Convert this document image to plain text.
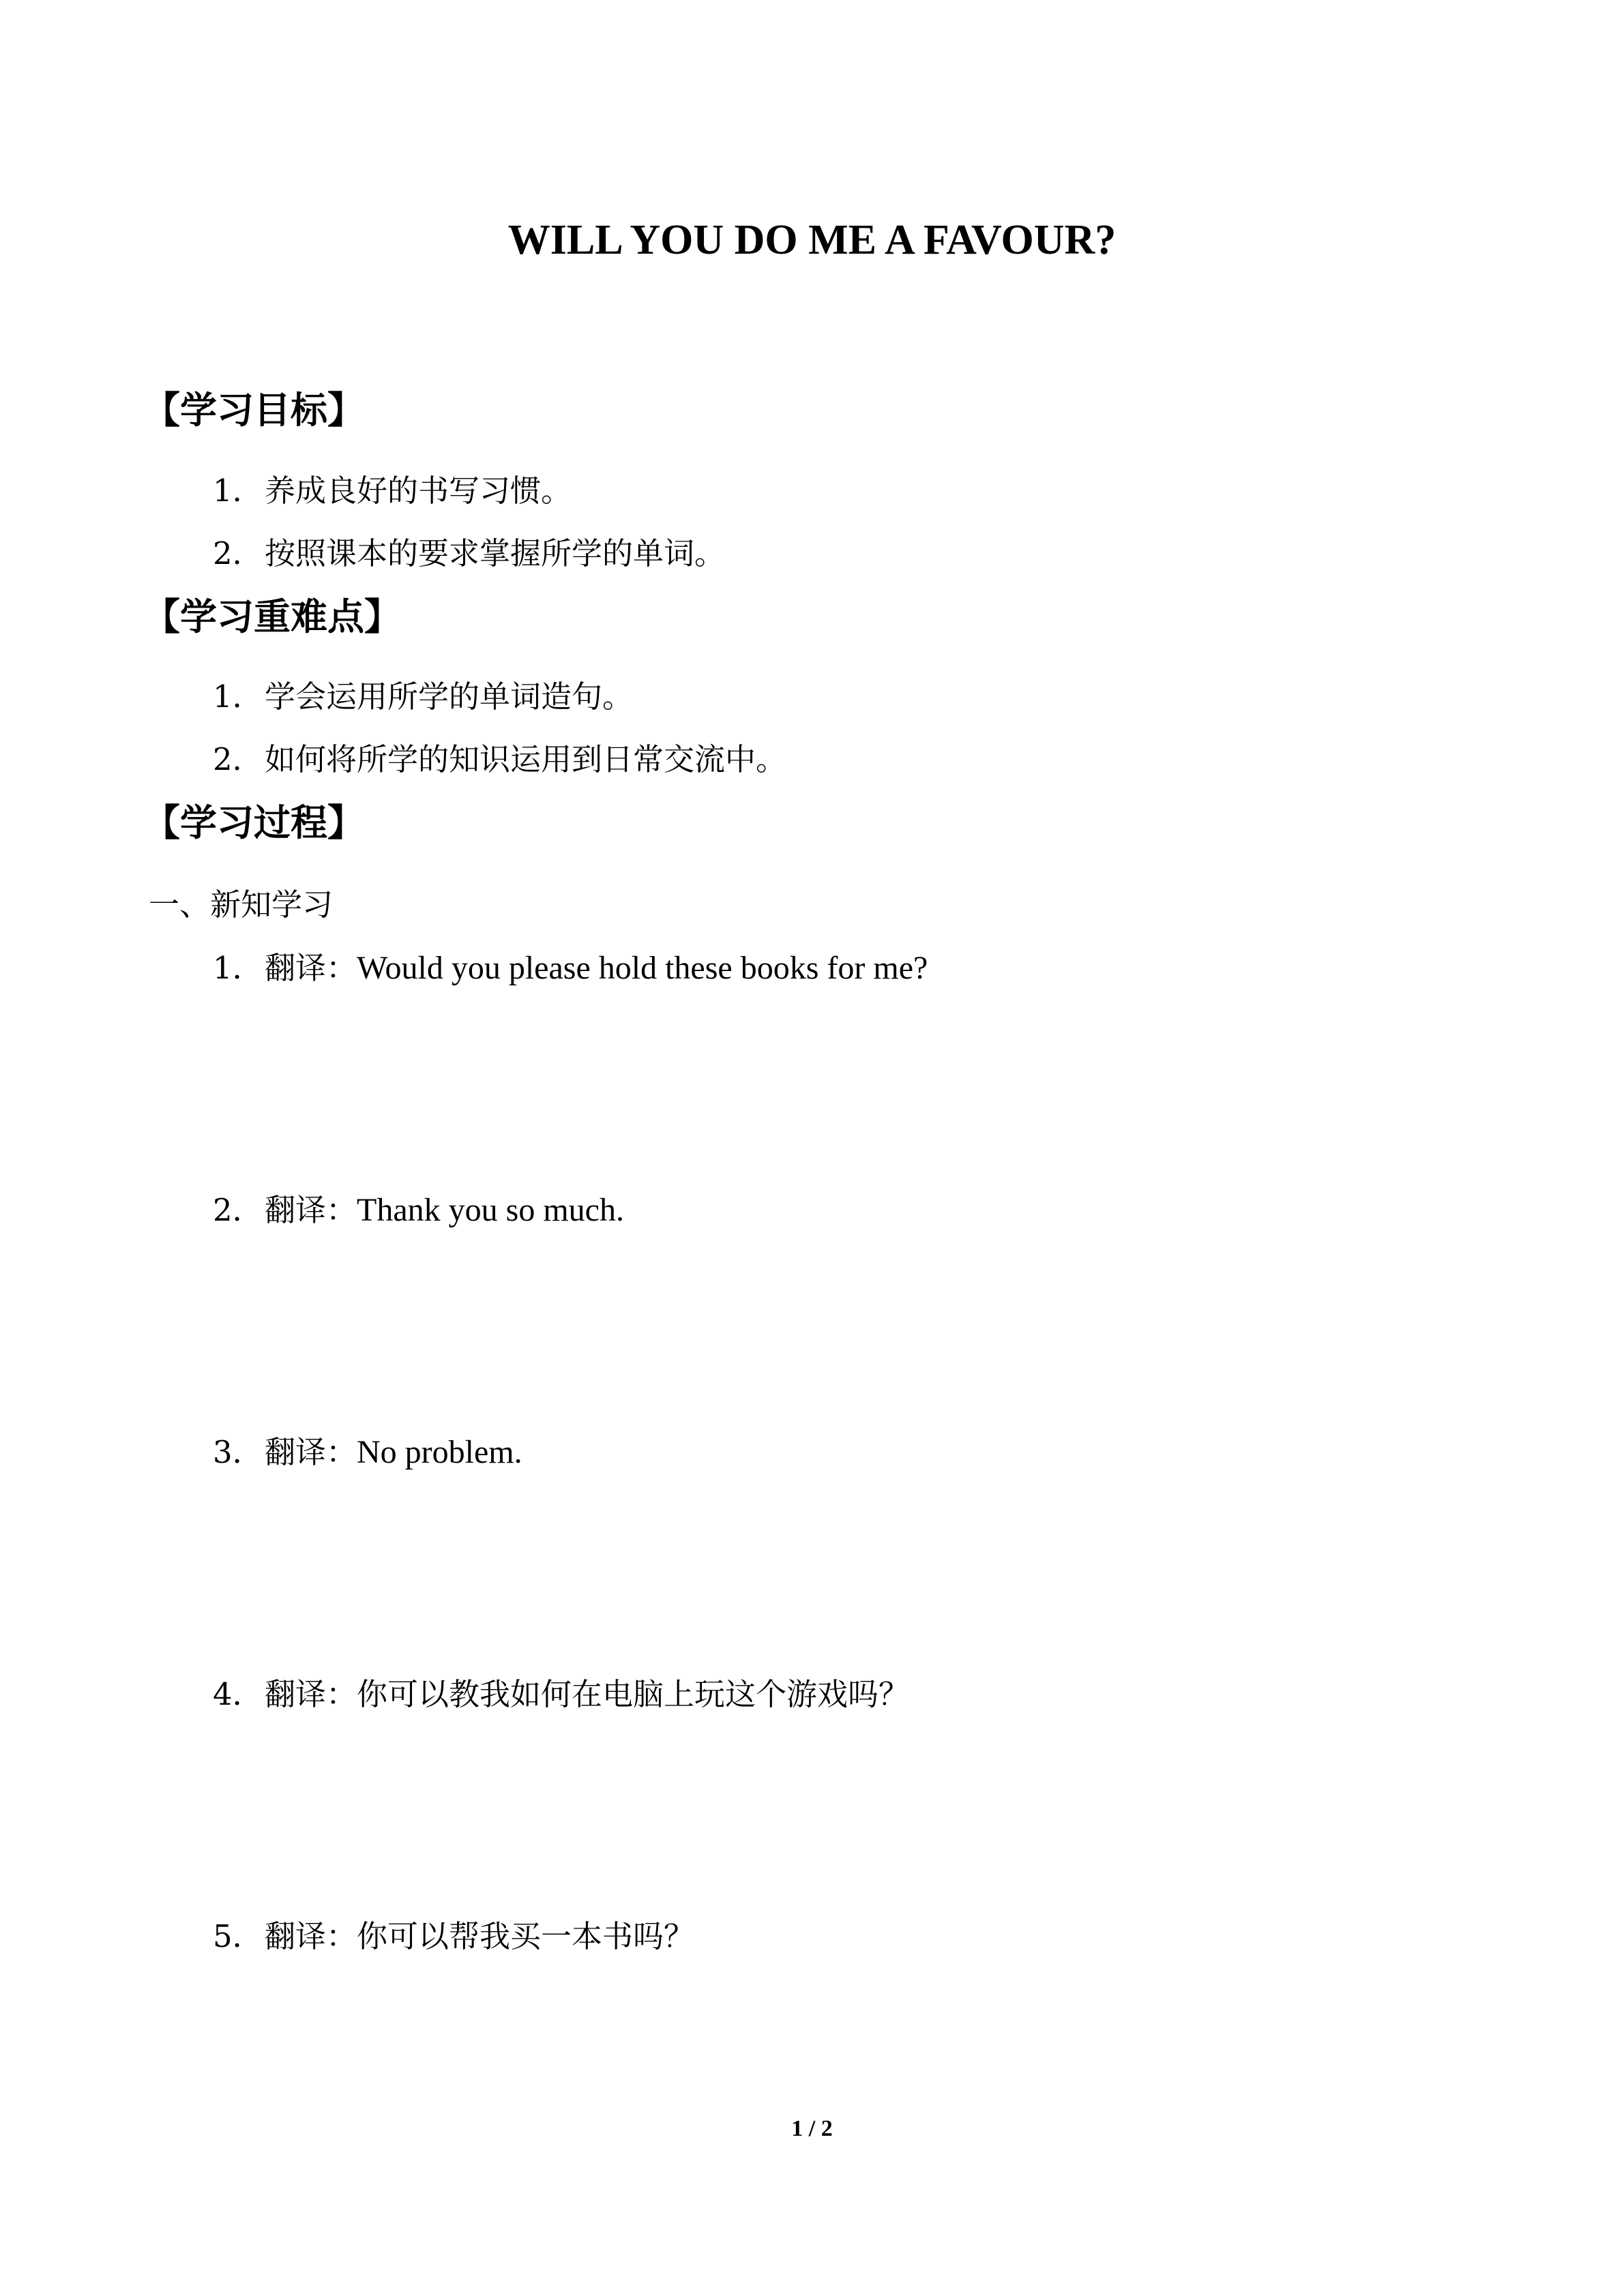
WILL YOU DO ME A FAVOUR?
【学习目标】
1．养成良好的书写习惯。
2．按照课本的要求掌握所学的单词。
【学习重难点】
1．学会运用所学的单词造句。
2．如何将所学的知识运用到日常交流中。
【学习过程】
一、新知学习
1．翻译：Would you please hold these books for me?
2．翻译：Thank you so much.
3．翻译：No problem.
4．翻译：你可以教我如何在电脑上玩这个游戏吗？
5．翻译：你可以帮我买一本书吗？
1 / 2
